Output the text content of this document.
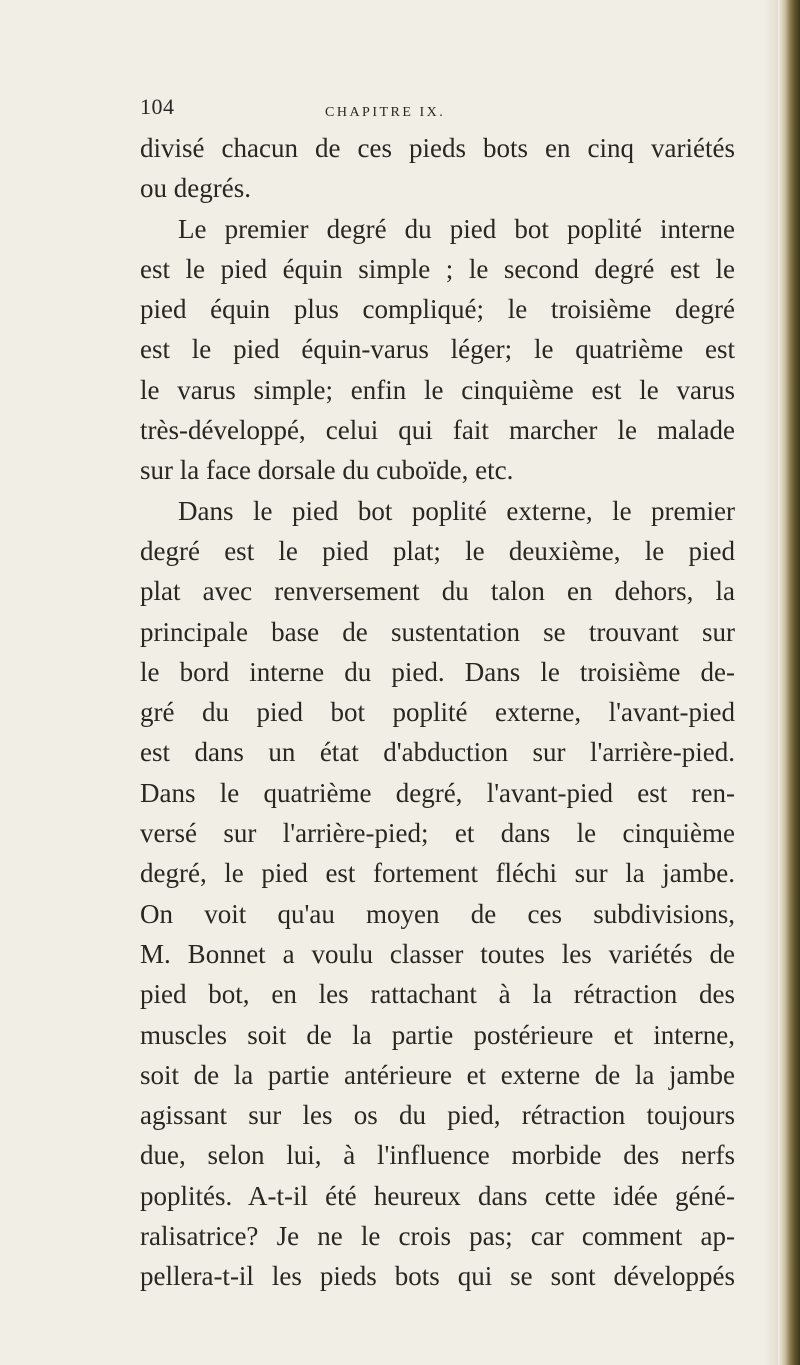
104	CHAPITRE IX.
divisé chacun de ces pieds bots en cinq variétés
ou degrés.
Le premier degré du pied bot poplité interne
est le pied équin simple ; le second degré est le
pied équin plus compliqué; le troisième degré
est le pied équin-varus léger; le quatrième est
le varus simple; enfin le cinquième est le varus
très-développé, celui qui fait marcher le malade
sur la face dorsale du cuboïde, etc.
Dans le pied bot poplité externe, le premier
degré est le pied plat; le deuxième, le pied
plat avec renversement du talon en dehors, la
principale base de sustentation se trouvant sur
le bord interne du pied. Dans le troisième de-
gré du pied bot poplité externe, l'avant-pied
est dans un état d'abduction sur l'arrière-pied.
Dans le quatrième degré, l'avant-pied est ren-
versé sur l'arrière-pied; et dans le cinquième
degré, le pied est fortement fléchi sur la jambe.
On voit qu'au moyen de ces subdivisions,
M. Bonnet a voulu classer toutes les variétés de
pied bot, en les rattachant à la rétraction des
muscles soit de la partie postérieure et interne,
soit de la partie antérieure et externe de la jambe
agissant sur les os du pied, rétraction toujours
due, selon lui, à l'influence morbide des nerfs
poplités. A-t-il été heureux dans cette idée géné-
ralisatrice? Je ne le crois pas; car comment ap-
pellera-t-il les pieds bots qui se sont développés
